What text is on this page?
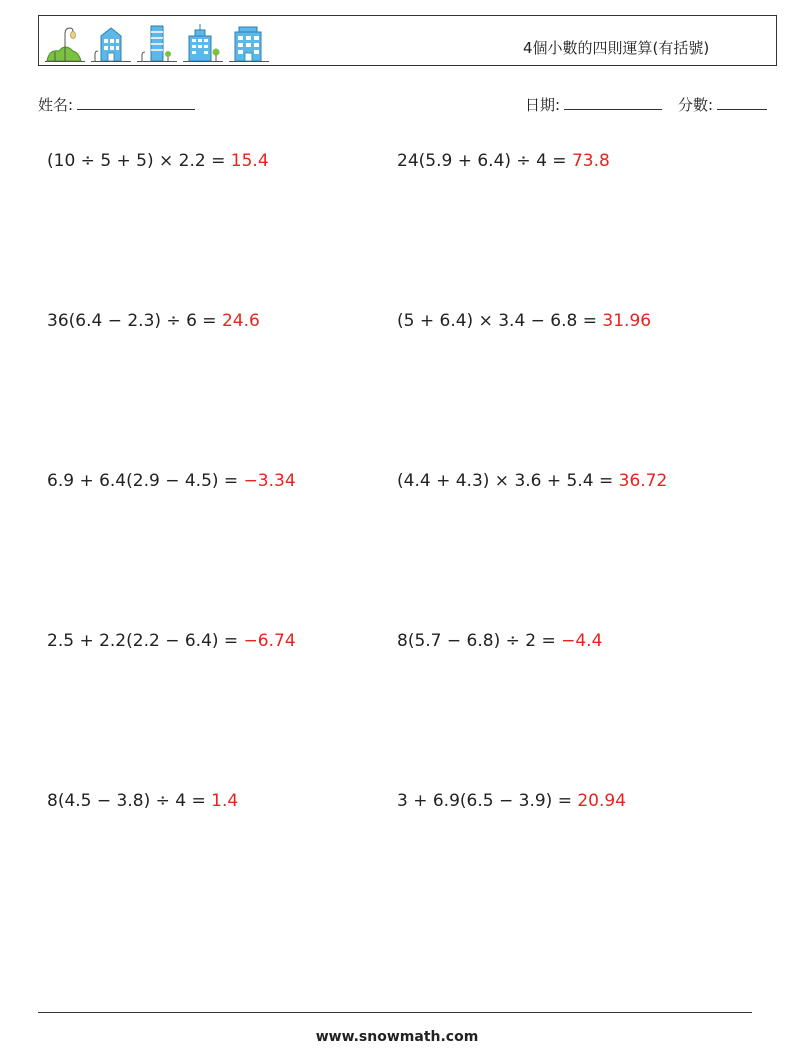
4個小數的四則運算(有括號)
姓名:	日期:	分數:
(10 ÷ 5 + 5) × 2.2 = 15.4	24(5.9 + 6.4) ÷ 4 = 73.8
36(6.4 − 2.3) ÷ 6 = 24.6	(5 + 6.4) × 3.4 − 6.8 = 31.96
6.9 + 6.4(2.9 − 4.5) = −3.34	(4.4 + 4.3) × 3.6 + 5.4 = 36.72
2.5 + 2.2(2.2 − 6.4) = −6.74	8(5.7 − 6.8) ÷ 2 = −4.4
8(4.5 − 3.8) ÷ 4 = 1.4	3 + 6.9(6.5 − 3.9) = 20.94
www.snowmath.com
